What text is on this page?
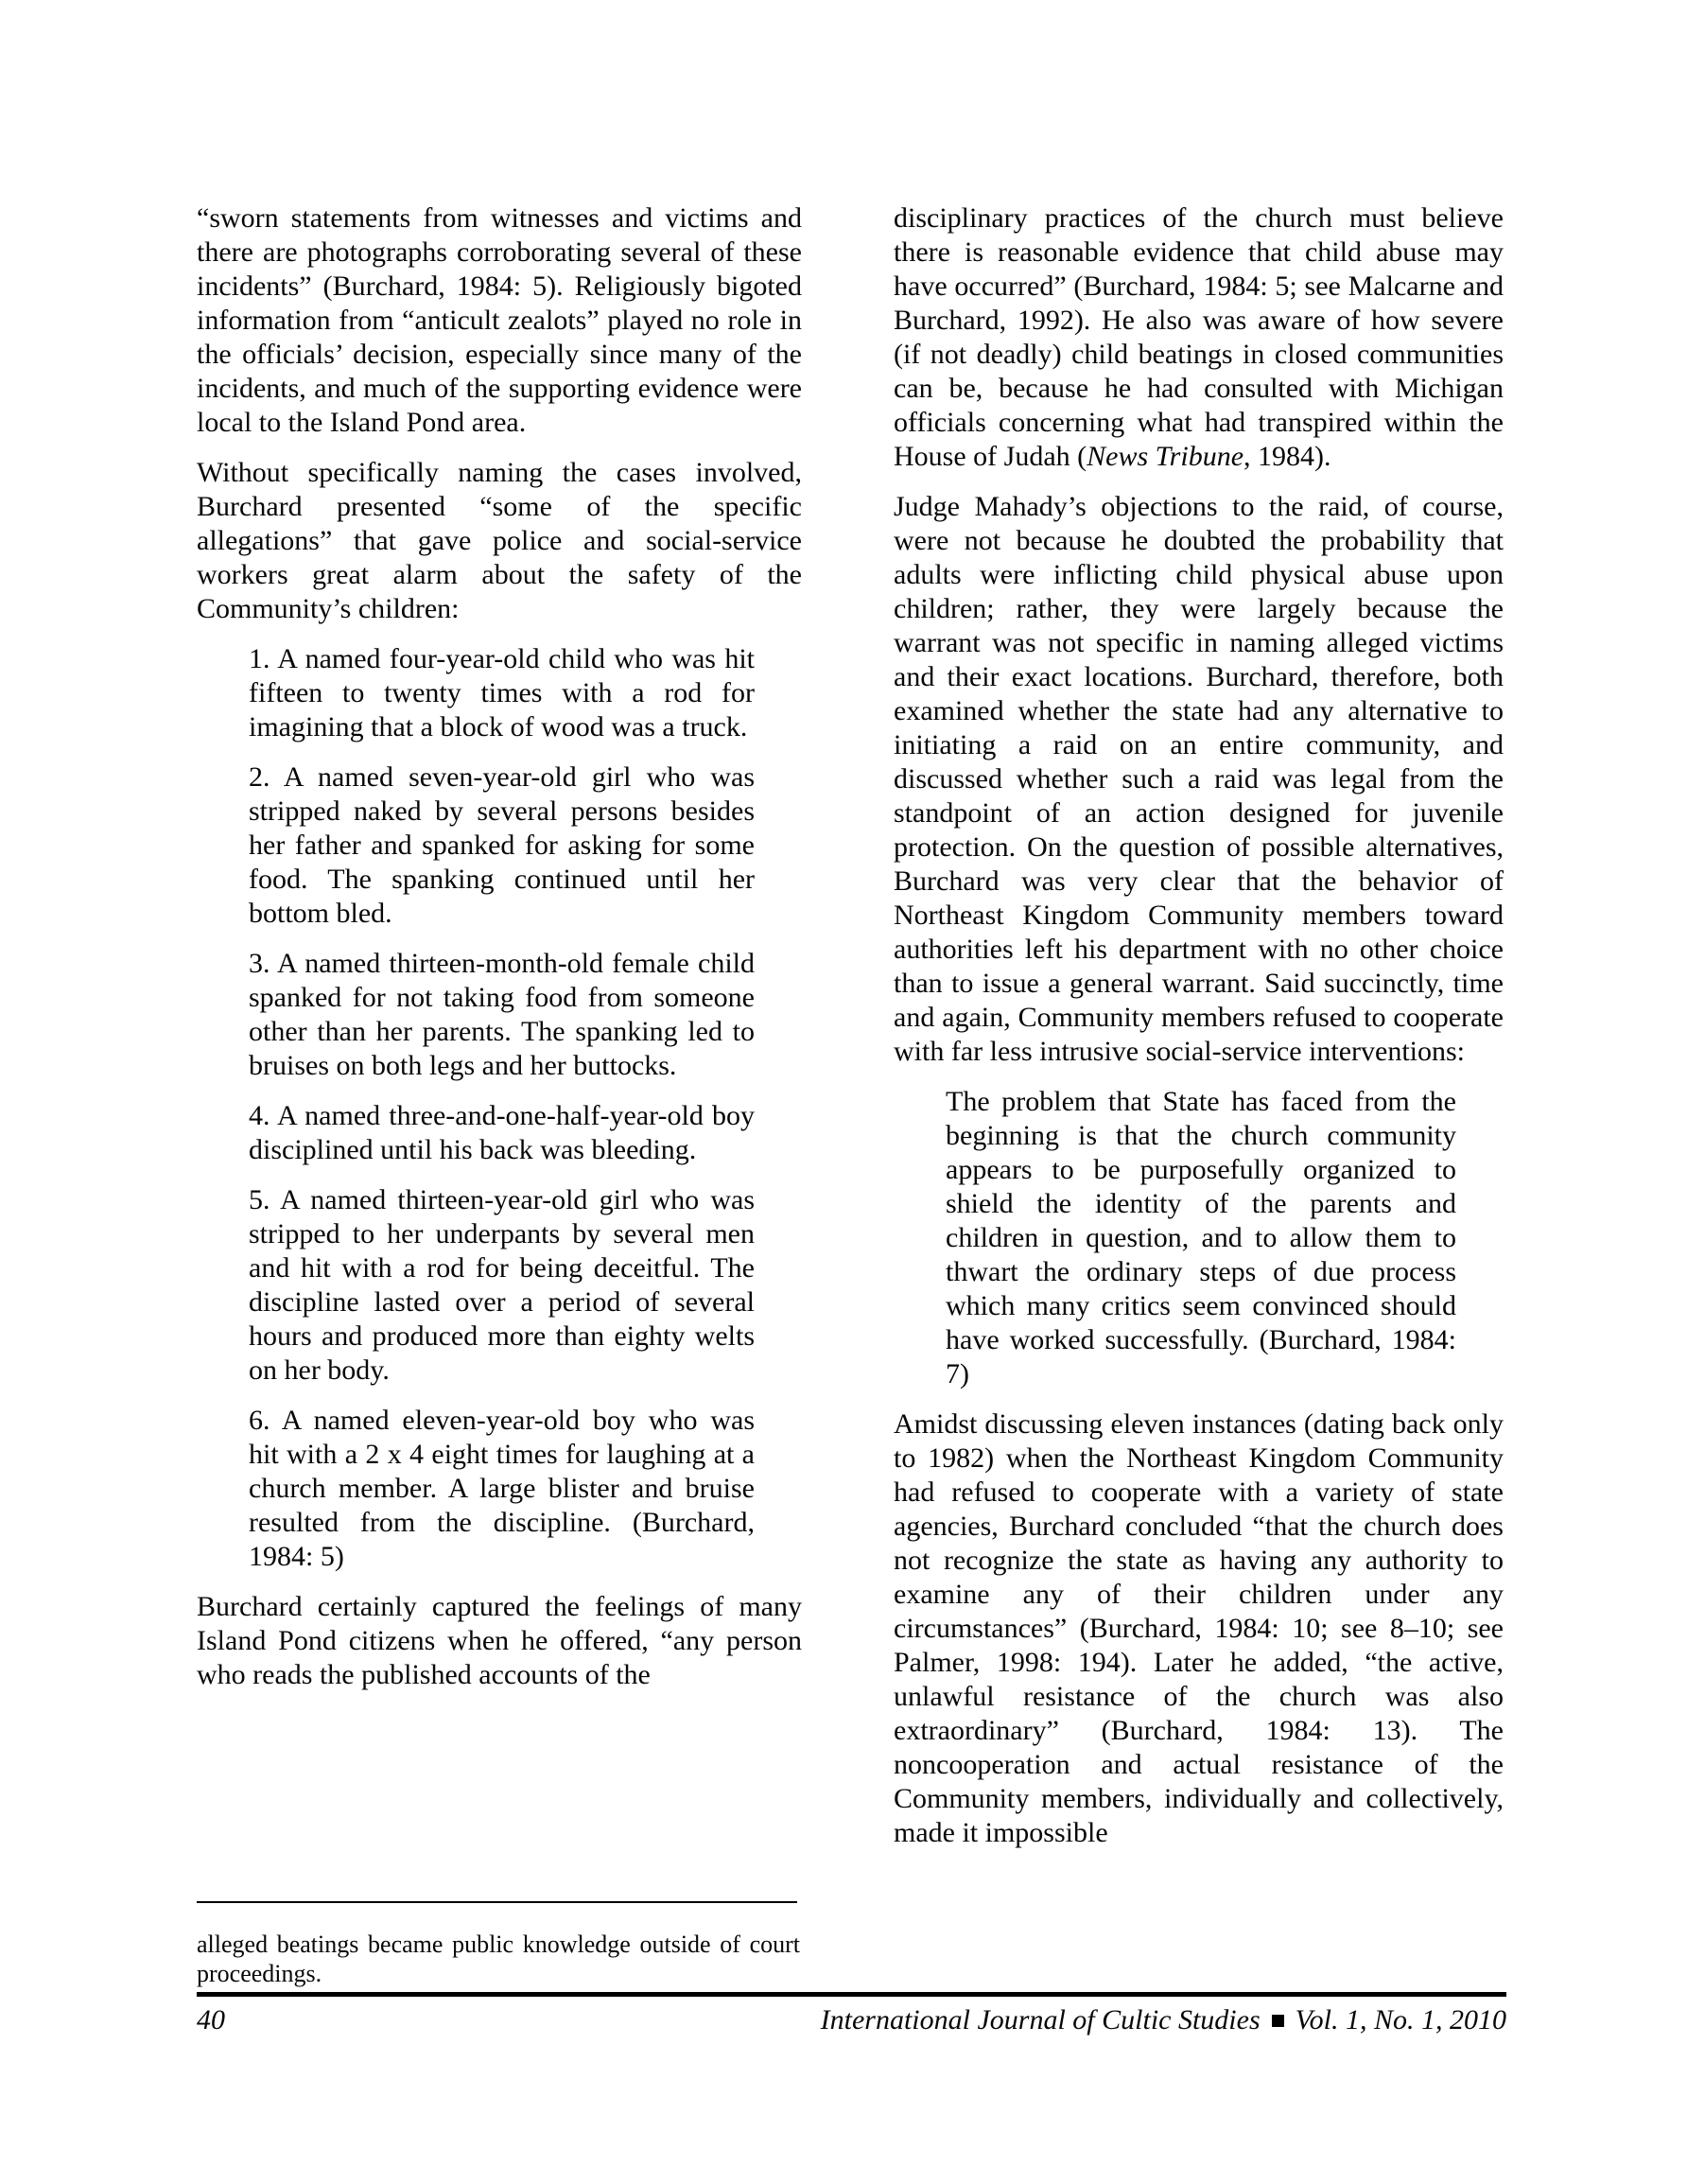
“sworn statements from witnesses and victims and there are photographs corroborating several of these incidents” (Burchard, 1984: 5). Religiously bigoted information from “anticult zealots” played no role in the officials’ decision, especially since many of the incidents, and much of the supporting evidence were local to the Island Pond area.

Without specifically naming the cases involved, Burchard presented “some of the specific allegations” that gave police and social-service workers great alarm about the safety of the Community’s children:

1. A named four-year-old child who was hit fifteen to twenty times with a rod for imagining that a block of wood was a truck.
2. A named seven-year-old girl who was stripped naked by several persons besides her father and spanked for asking for some food. The spanking continued until her bottom bled.
3. A named thirteen-month-old female child spanked for not taking food from someone other than her parents. The spanking led to bruises on both legs and her buttocks.
4. A named three-and-one-half-year-old boy disciplined until his back was bleeding.
5. A named thirteen-year-old girl who was stripped to her underpants by several men and hit with a rod for being deceitful. The discipline lasted over a period of several hours and produced more than eighty welts on her body.
6. A named eleven-year-old boy who was hit with a 2 x 4 eight times for laughing at a church member. A large blister and bruise resulted from the discipline. (Burchard, 1984: 5)

Burchard certainly captured the feelings of many Island Pond citizens when he offered, “any person who reads the published accounts of the

disciplinary practices of the church must believe there is reasonable evidence that child abuse may have occurred” (Burchard, 1984: 5; see Malcarne and Burchard, 1992). He also was aware of how severe (if not deadly) child beatings in closed communities can be, because he had consulted with Michigan officials concerning what had transpired within the House of Judah (News Tribune, 1984).

Judge Mahady’s objections to the raid, of course, were not because he doubted the probability that adults were inflicting child physical abuse upon children; rather, they were largely because the warrant was not specific in naming alleged victims and their exact locations. Burchard, therefore, both examined whether the state had any alternative to initiating a raid on an entire community, and discussed whether such a raid was legal from the standpoint of an action designed for juvenile protection. On the question of possible alternatives, Burchard was very clear that the behavior of Northeast Kingdom Community members toward authorities left his department with no other choice than to issue a general warrant. Said succinctly, time and again, Community members refused to cooperate with far less intrusive social-service interventions:

The problem that State has faced from the beginning is that the church community appears to be purposefully organized to shield the identity of the parents and children in question, and to allow them to thwart the ordinary steps of due process which many critics seem convinced should have worked successfully. (Burchard, 1984: 7)

Amidst discussing eleven instances (dating back only to 1982) when the Northeast Kingdom Community had refused to cooperate with a variety of state agencies, Burchard concluded “that the church does not recognize the state as having any authority to examine any of their children under any circumstances” (Burchard, 1984: 10; see 8–10; see Palmer, 1998: 194). Later he added, “the active, unlawful resistance of the church was also extraordinary” (Burchard, 1984: 13). The noncooperation and actual resistance of the Community members, individually and collectively, made it impossible

alleged beatings became public knowledge outside of court proceedings.
40	International Journal of Cultic Studies Vol. 1, No. 1, 2010
